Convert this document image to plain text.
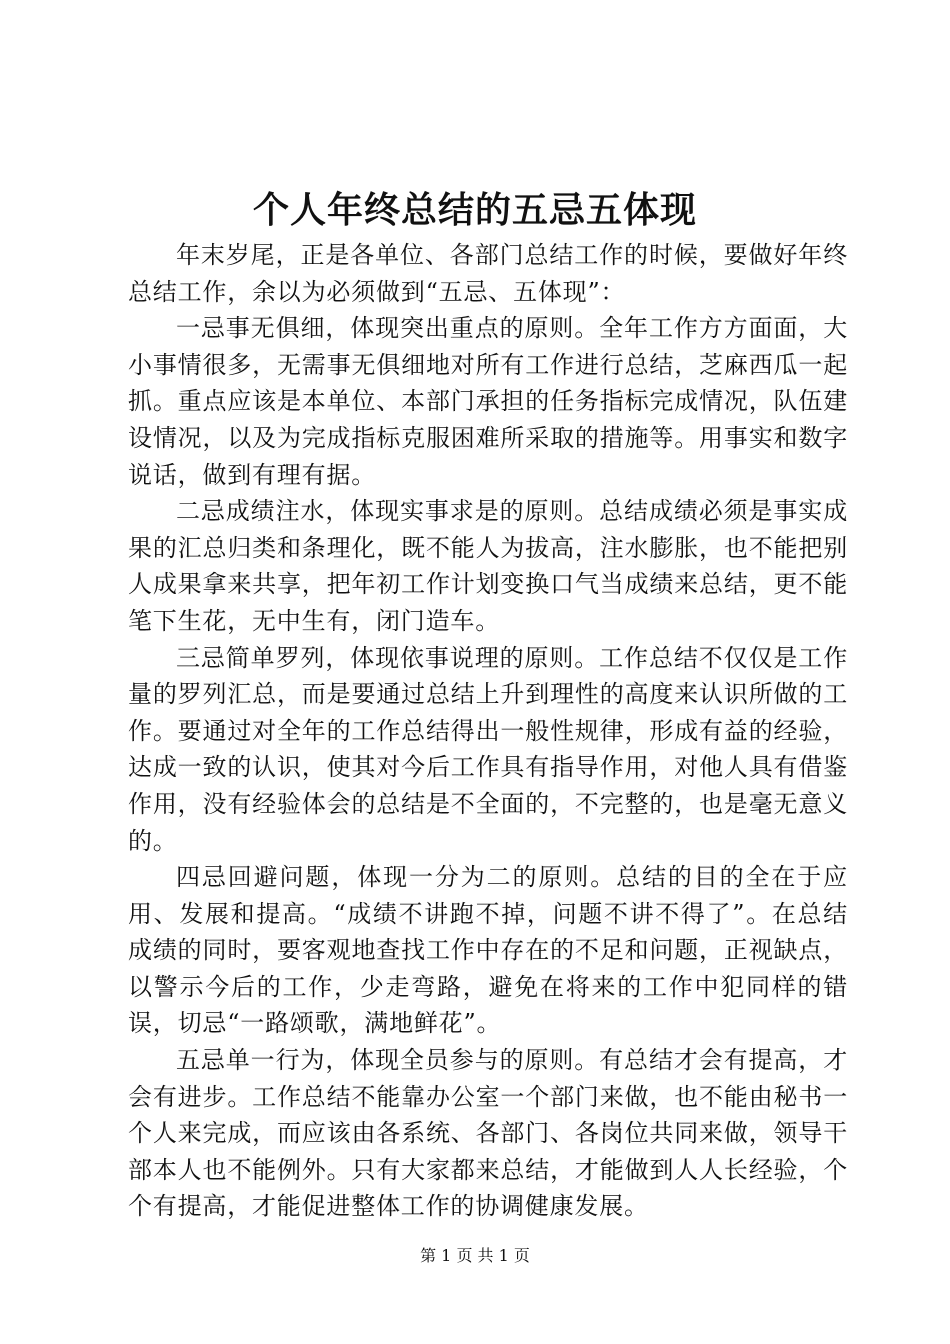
个人年终总结的五忌五体现

年末岁尾，正是各单位、各部门总结工作的时候，要做好年终总结工作，余以为必须做到“五忌、五体现”：

一忌事无俱细，体现突出重点的原则。全年工作方方面面，大小事情很多，无需事无俱细地对所有工作进行总结，芝麻西瓜一起抓。重点应该是本单位、本部门承担的任务指标完成情况，队伍建设情况，以及为完成指标克服困难所采取的措施等。用事实和数字说话，做到有理有据。

二忌成绩注水，体现实事求是的原则。总结成绩必须是事实成果的汇总归类和条理化，既不能人为拔高，注水膨胀，也不能把别人成果拿来共享，把年初工作计划变换口气当成绩来总结，更不能笔下生花，无中生有，闭门造车。

三忌简单罗列，体现依事说理的原则。工作总结不仅仅是工作量的罗列汇总，而是要通过总结上升到理性的高度来认识所做的工作。要通过对全年的工作总结得出一般性规律，形成有益的经验，达成一致的认识，使其对今后工作具有指导作用，对他人具有借鉴作用，没有经验体会的总结是不全面的，不完整的，也是毫无意义的。

四忌回避问题，体现一分为二的原则。总结的目的全在于应用、发展和提高。“成绩不讲跑不掉，问题不讲不得了”。在总结成绩的同时，要客观地查找工作中存在的不足和问题，正视缺点，以警示今后的工作，少走弯路，避免在将来的工作中犯同样的错误，切忌“一路颂歌，满地鲜花”。

五忌单一行为，体现全员参与的原则。有总结才会有提高，才会有进步。工作总结不能靠办公室一个部门来做，也不能由秘书一个人来完成，而应该由各系统、各部门、各岗位共同来做，领导干部本人也不能例外。只有大家都来总结，才能做到人人长经验，个个有提高，才能促进整体工作的协调健康发展。

第 1 页 共 1 页
